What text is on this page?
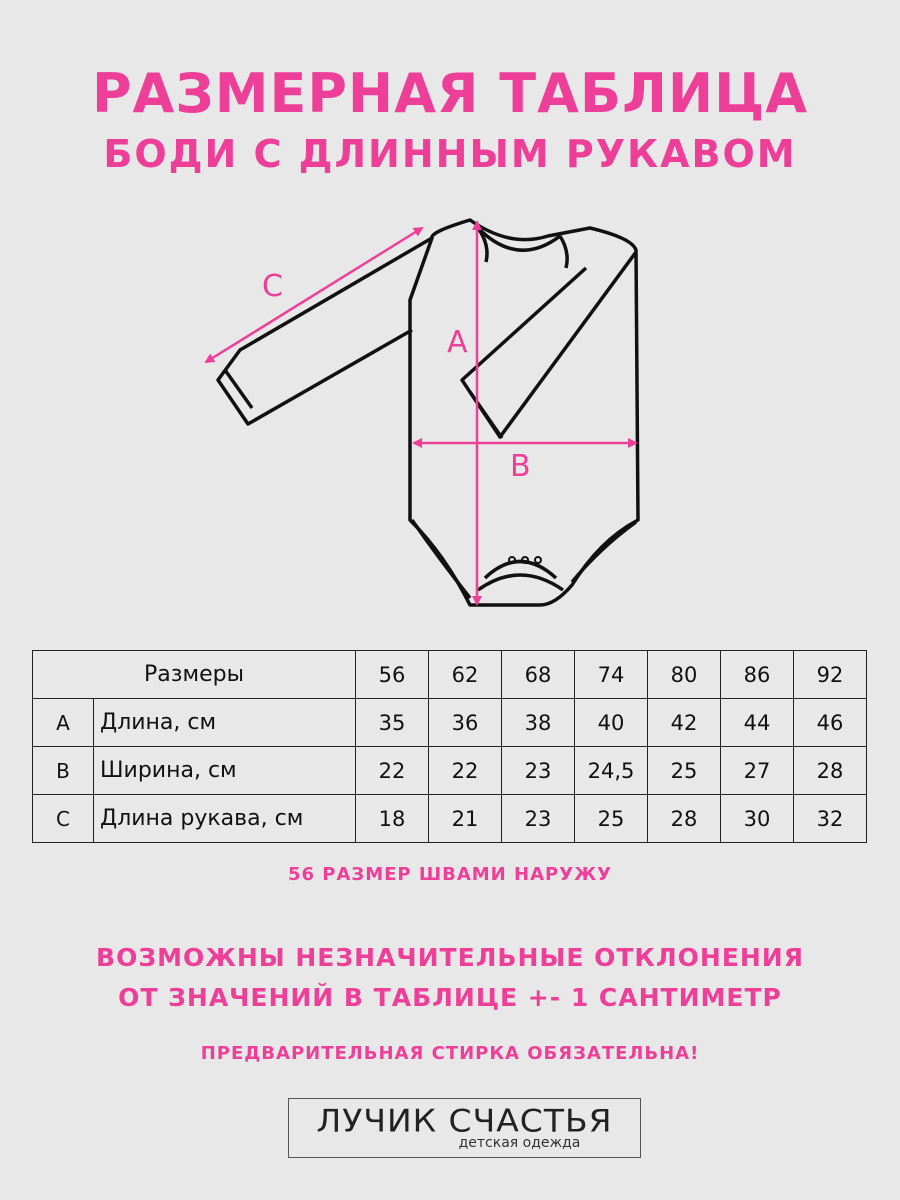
РАЗМЕРНАЯ ТАБЛИЦА
БОДИ С ДЛИННЫМ РУКАВОМ
A
B
C
Размеры		56	62	68	74	80	86	92
A	Длина, см	35	36	38	40	42	44	46
B	Ширина, см	22	22	23	24,5	25	27	28
C	Длина рукава, см	18	21	23	25	28	30	32
56 РАЗМЕР ШВАМИ НАРУЖУ
ВОЗМОЖНЫ НЕЗНАЧИТЕЛЬНЫЕ ОТКЛОНЕНИЯ
ОТ ЗНАЧЕНИЙ В ТАБЛИЦЕ +- 1 САНТИМЕТР
ПРЕДВАРИТЕЛЬНАЯ СТИРКА ОБЯЗАТЕЛЬНА!
ЛУЧИК СЧАСТЬЯ
детская одежда
